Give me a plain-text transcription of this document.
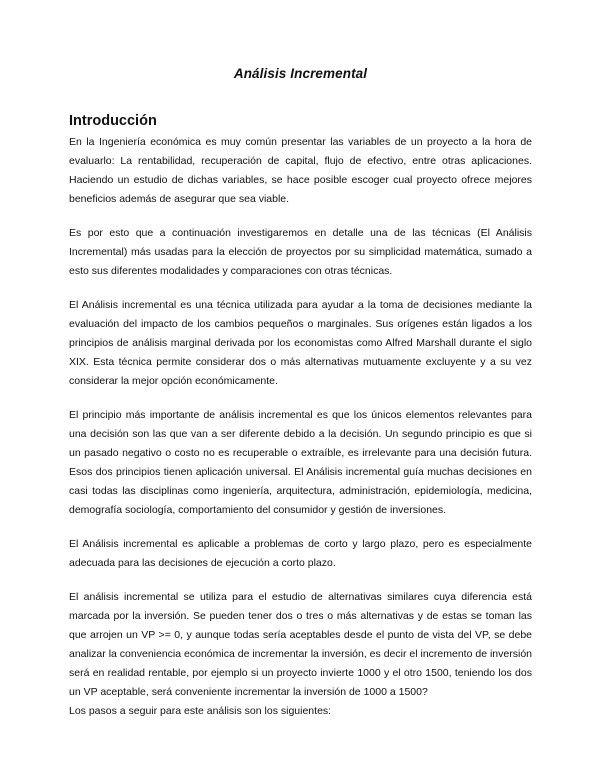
Análisis Incremental
Introducción

En la Ingeniería económica es muy común presentar las variables de un proyecto a la hora de evaluarlo: La rentabilidad, recuperación de capital, flujo de efectivo, entre otras aplicaciones. Haciendo un estudio de dichas variables, se hace posible escoger cual proyecto ofrece mejores beneficios además de asegurar que sea viable.

Es por esto que a continuación investigaremos en detalle una de las técnicas (El Análisis Incremental) más usadas para la elección de proyectos por su simplicidad matemática, sumado a esto sus diferentes modalidades y comparaciones con otras técnicas.

El Análisis incremental es una técnica utilizada para ayudar a la toma de decisiones mediante la evaluación del impacto de los cambios pequeños o marginales. Sus orígenes están ligados a los principios de análisis marginal derivada por los economistas como Alfred Marshall durante el siglo XIX. Esta técnica permite considerar dos o más alternativas mutuamente excluyente y a su vez considerar la mejor opción económicamente.

El principio más importante de análisis incremental es que los únicos elementos relevantes para una decisión son las que van a ser diferente debido a la decisión. Un segundo principio es que si un pasado negativo o costo no es recuperable o extraíble, es irrelevante para una decisión futura. Esos dos principios tienen aplicación universal. El Análisis incremental guía muchas decisiones en casi todas las disciplinas como ingeniería, arquitectura, administración, epidemiología, medicina, demografía sociología, comportamiento del consumidor y gestión de inversiones.

El Análisis incremental es aplicable a problemas de corto y largo plazo, pero es especialmente adecuada para las decisiones de ejecución a corto plazo.

El análisis incremental se utiliza para el estudio de alternativas similares cuya diferencia está marcada por la inversión. Se pueden tener dos o tres o más alternativas y de estas se toman las que arrojen un VP >= 0, y aunque todas sería aceptables desde el punto de vista del VP, se debe analizar la conveniencia económica de incrementar la inversión, es decir el incremento de inversión será en realidad rentable, por ejemplo si un proyecto invierte 1000 y el otro 1500, teniendo los dos un VP aceptable, será conveniente incrementar la inversión de 1000 a 1500?

Los pasos a seguir para este análisis son los siguientes:
